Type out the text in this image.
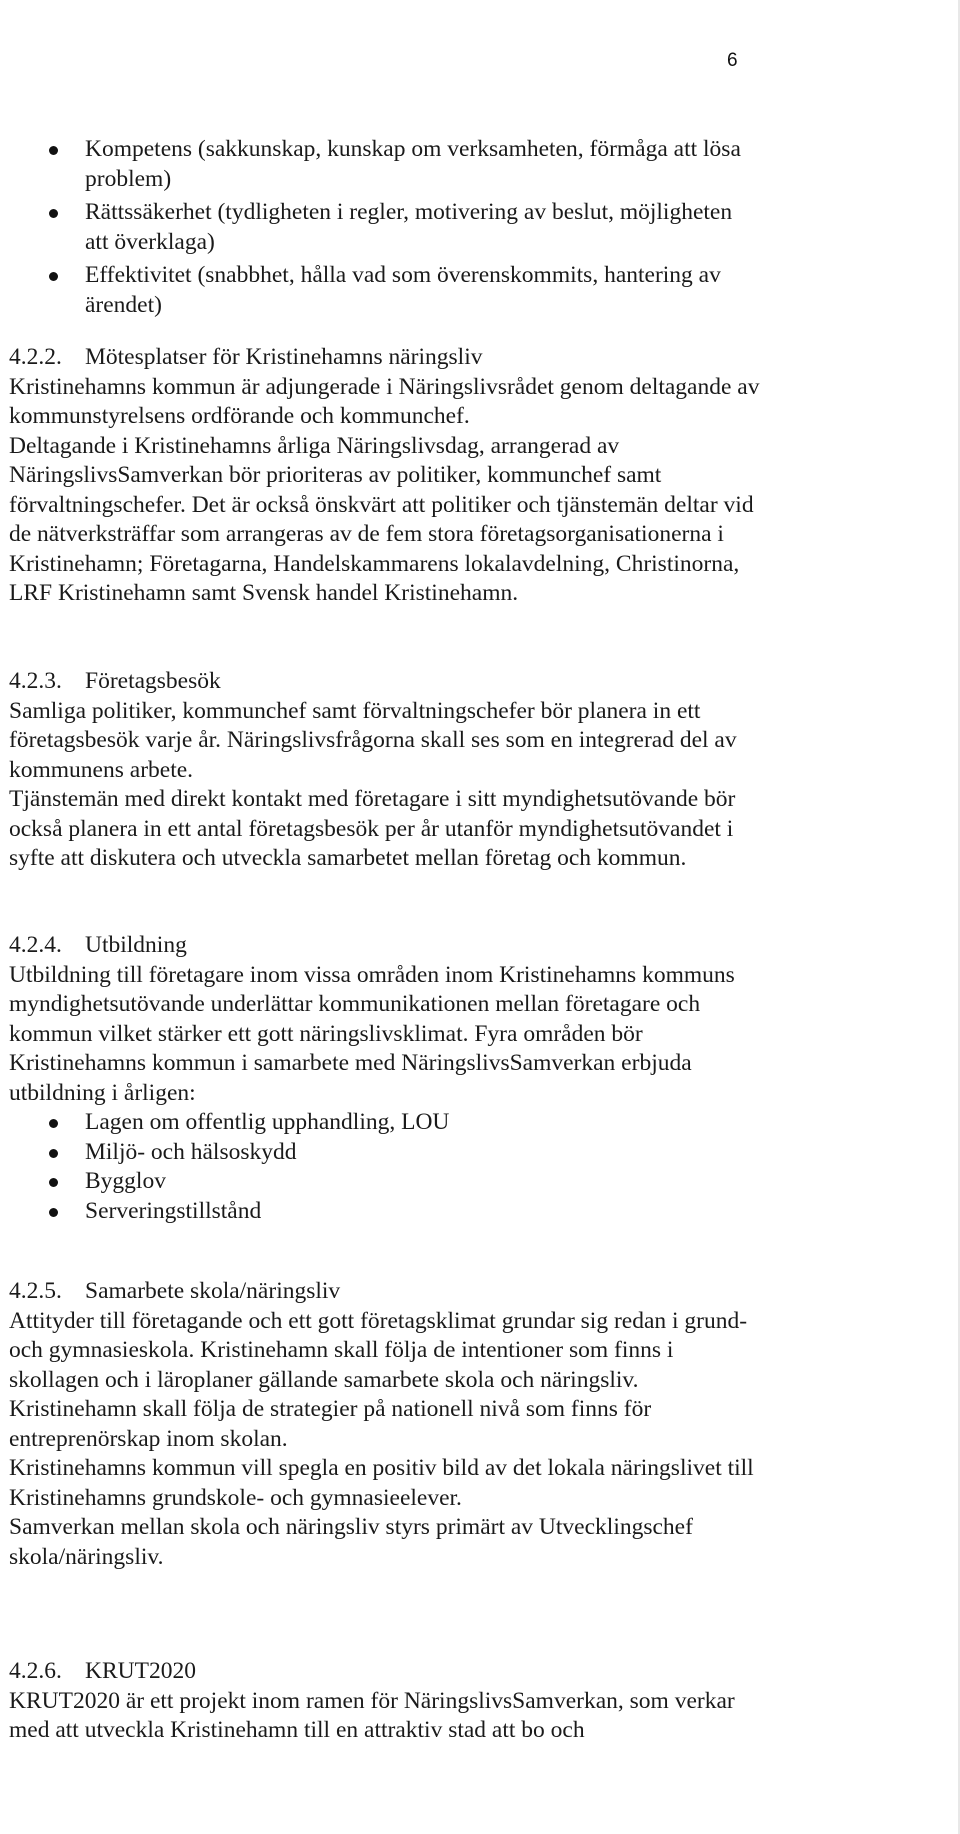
6
Kompetens (sakkunskap, kunskap om verksamheten, förmåga att lösa problem)
Rättssäkerhet (tydligheten i regler, motivering av beslut, möjligheten att överklaga)
Effektivitet (snabbhet, hålla vad som överenskommits, hantering av ärendet)

4.2.2. Mötesplatser för Kristinehamns näringsliv

Kristinehamns kommun är adjungerade i Näringslivsrådet genom deltagande av kommunstyrelsens ordförande och kommunchef.

Deltagande i Kristinehamns årliga Näringslivsdag, arrangerad av NäringslivsSamverkan bör prioriteras av politiker, kommunchef samt förvaltningschefer. Det är också önskvärt att politiker och tjänstemän deltar vid de nätverksträffar som arrangeras av de fem stora företagsorganisationerna i Kristinehamn; Företagarna, Handelskammarens lokalavdelning, Christinorna, LRF Kristinehamn samt Svensk handel Kristinehamn.

4.2.3. Företagsbesök

Samliga politiker, kommunchef samt förvaltningschefer bör planera in ett företagsbesök varje år. Näringslivsfrågorna skall ses som en integrerad del av kommunens arbete.

Tjänstemän med direkt kontakt med företagare i sitt myndighetsutövande bör också planera in ett antal företagsbesök per år utanför myndighetsutövandet i syfte att diskutera och utveckla samarbetet mellan företag och kommun.

4.2.4. Utbildning

Utbildning till företagare inom vissa områden inom Kristinehamns kommuns myndighetsutövande underlättar kommunikationen mellan företagare och kommun vilket stärker ett gott näringslivsklimat. Fyra områden bör Kristinehamns kommun i samarbete med NäringslivsSamverkan erbjuda utbildning i årligen:

Lagen om offentlig upphandling, LOU
Miljö- och hälsoskydd
Bygglov
Serveringstillstånd

4.2.5. Samarbete skola/näringsliv

Attityder till företagande och ett gott företagsklimat grundar sig redan i grund- och gymnasieskola. Kristinehamn skall följa de intentioner som finns i skollagen och i läroplaner gällande samarbete skola och näringsliv.

Kristinehamn skall följa de strategier på nationell nivå som finns för entreprenörskap inom skolan.

Kristinehamns kommun vill spegla en positiv bild av det lokala näringslivet till Kristinehamns grundskole- och gymnasieelever.

Samverkan mellan skola och näringsliv styrs primärt av Utvecklingschef skola/näringsliv.

4.2.6. KRUT2020

KRUT2020 är ett projekt inom ramen för NäringslivsSamverkan, som verkar med att utveckla Kristinehamn till en attraktiv stad att bo och
